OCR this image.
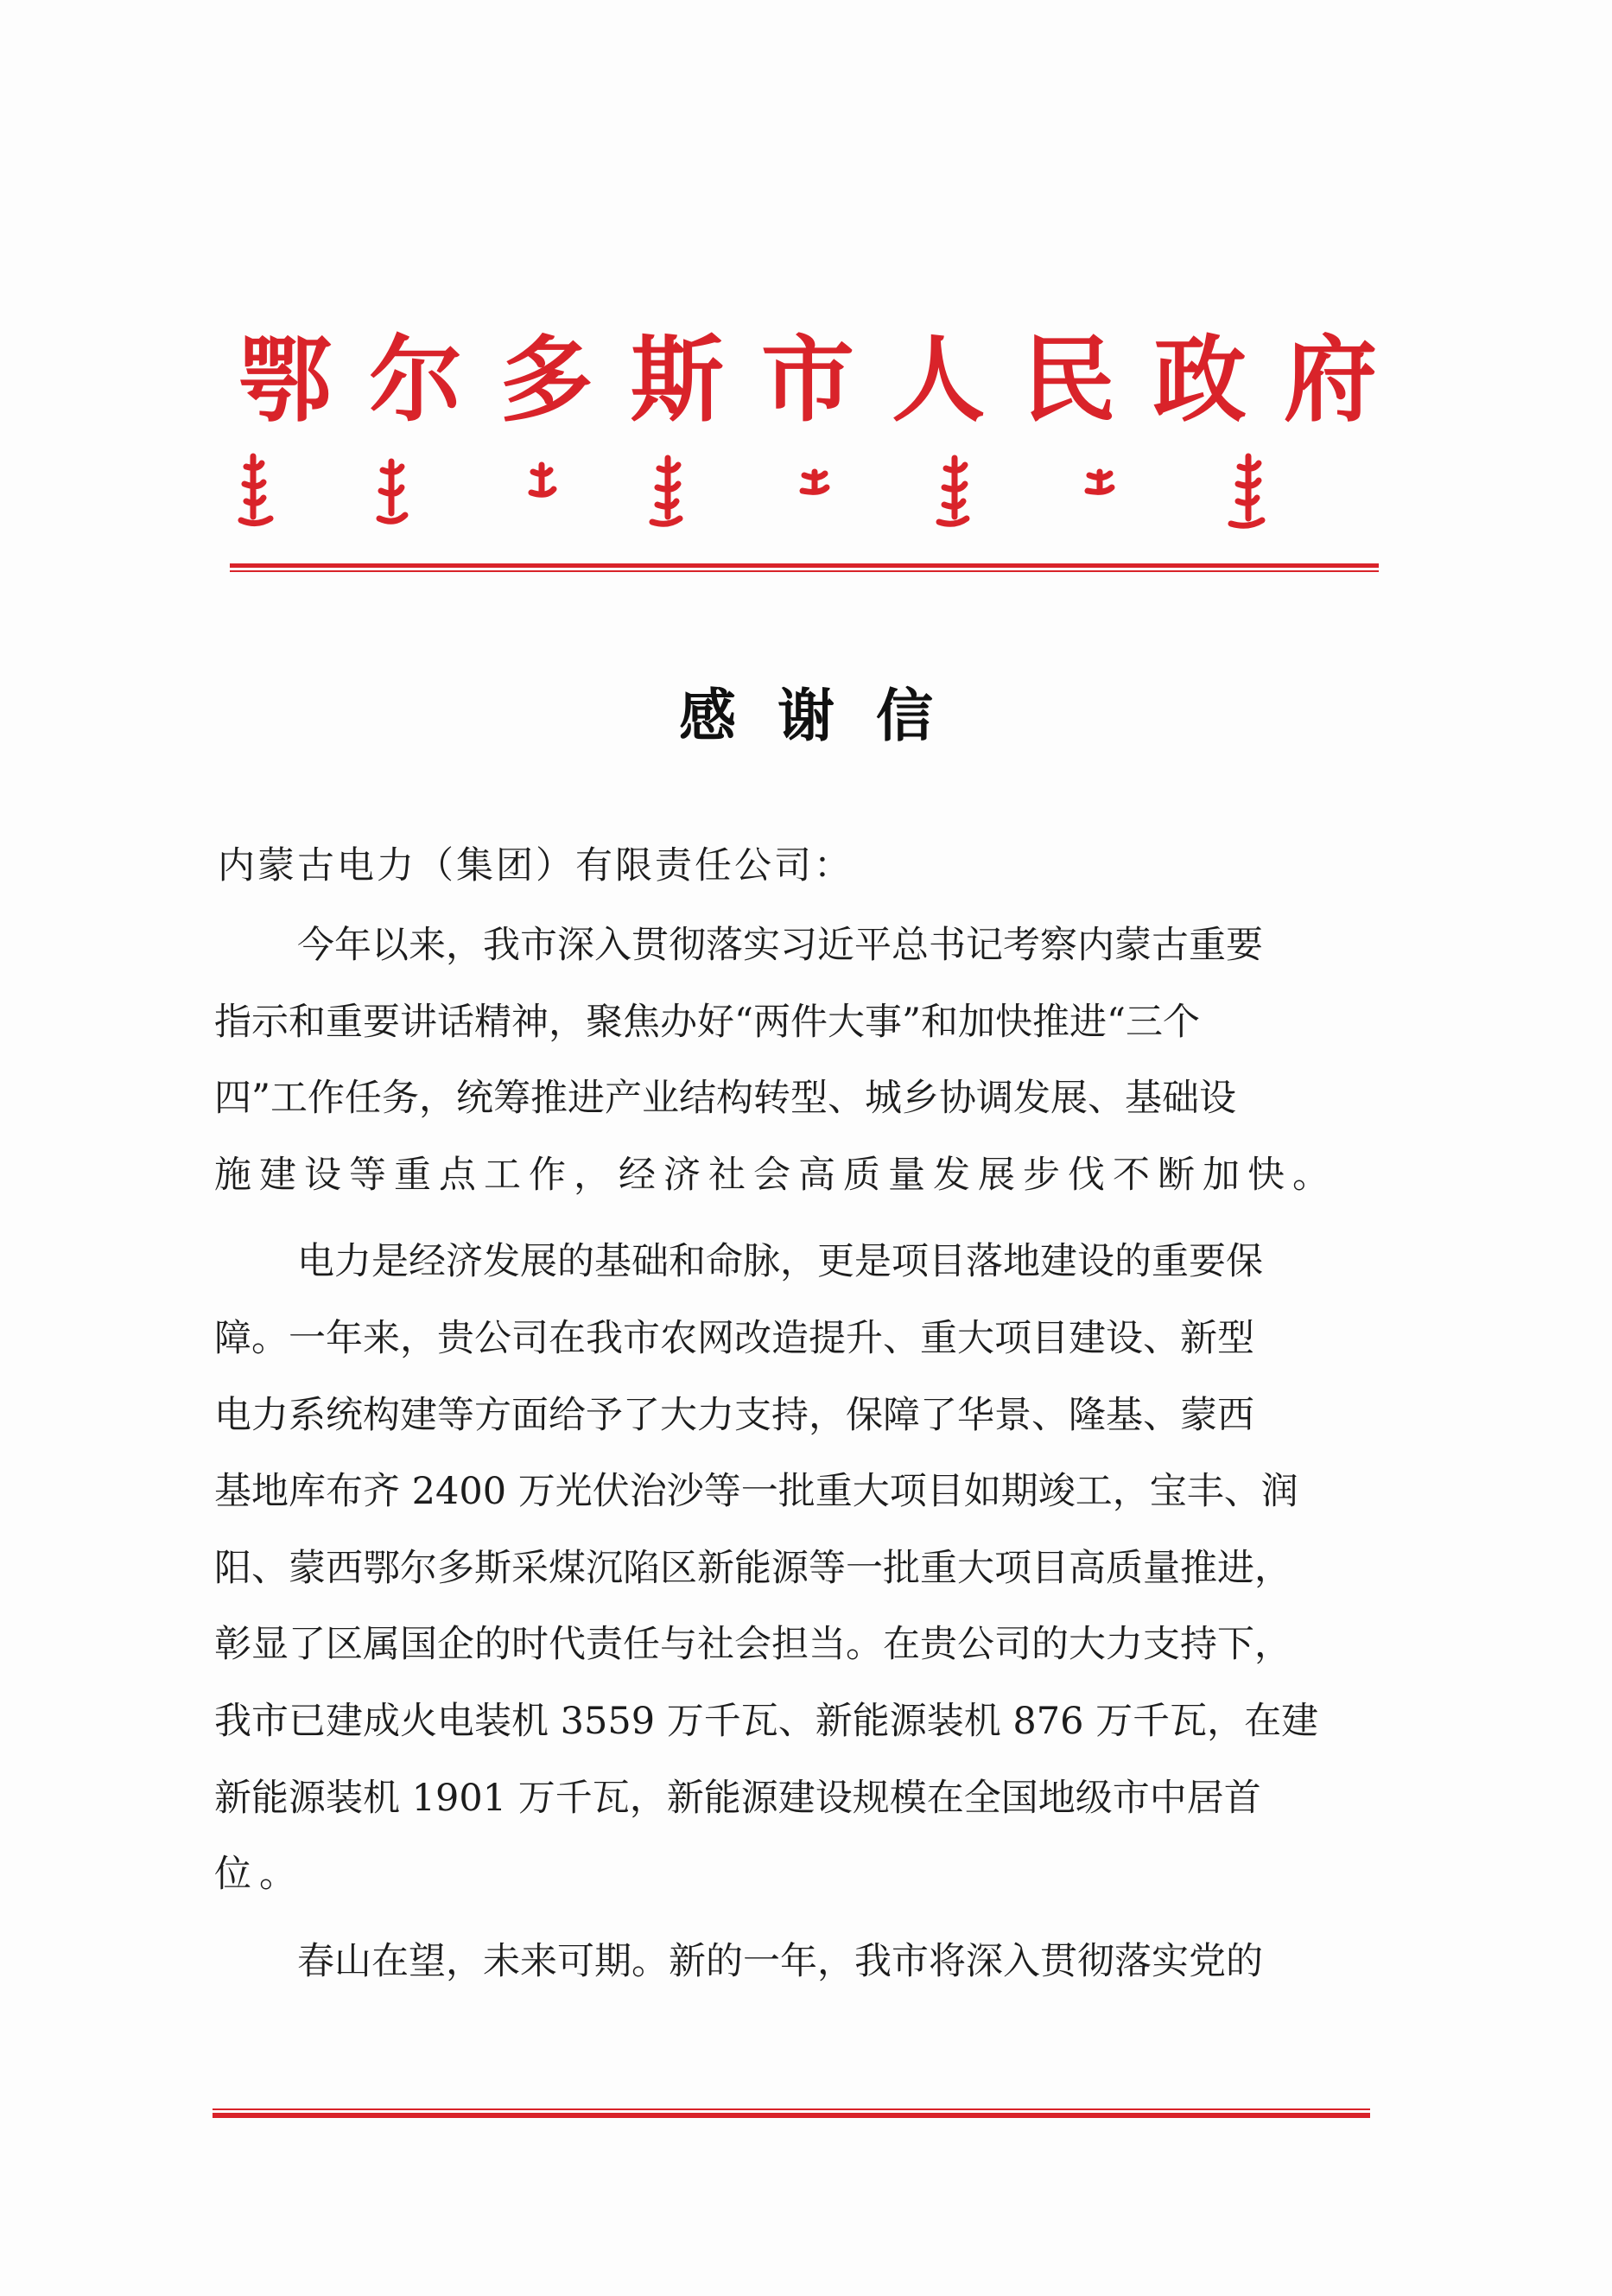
鄂 尔 多 斯 市 人 民 政 府
感谢信
内蒙古电力（集团）有限责任公司：
今年以来，我市深入贯彻落实习近平总书记考察内蒙古重要
指示和重要讲话精神，聚焦办好“两件大事”和加快推进“三个
四”工作任务，统筹推进产业结构转型、城乡协调发展、基础设
施建设等重点工作，经济社会高质量发展步伐不断加快。
电力是经济发展的基础和命脉，更是项目落地建设的重要保
障。一年来，贵公司在我市农网改造提升、重大项目建设、新型
电力系统构建等方面给予了大力支持，保障了华景、隆基、蒙西
基地库布齐 2400 万光伏治沙等一批重大项目如期竣工，宝丰、润
阳、蒙西鄂尔多斯采煤沉陷区新能源等一批重大项目高质量推进，
彰显了区属国企的时代责任与社会担当。在贵公司的大力支持下，
我市已建成火电装机 3559 万千瓦、新能源装机 876 万千瓦，在建
新能源装机 1901 万千瓦，新能源建设规模在全国地级市中居首
位。
春山在望，未来可期。新的一年，我市将深入贯彻落实党的
